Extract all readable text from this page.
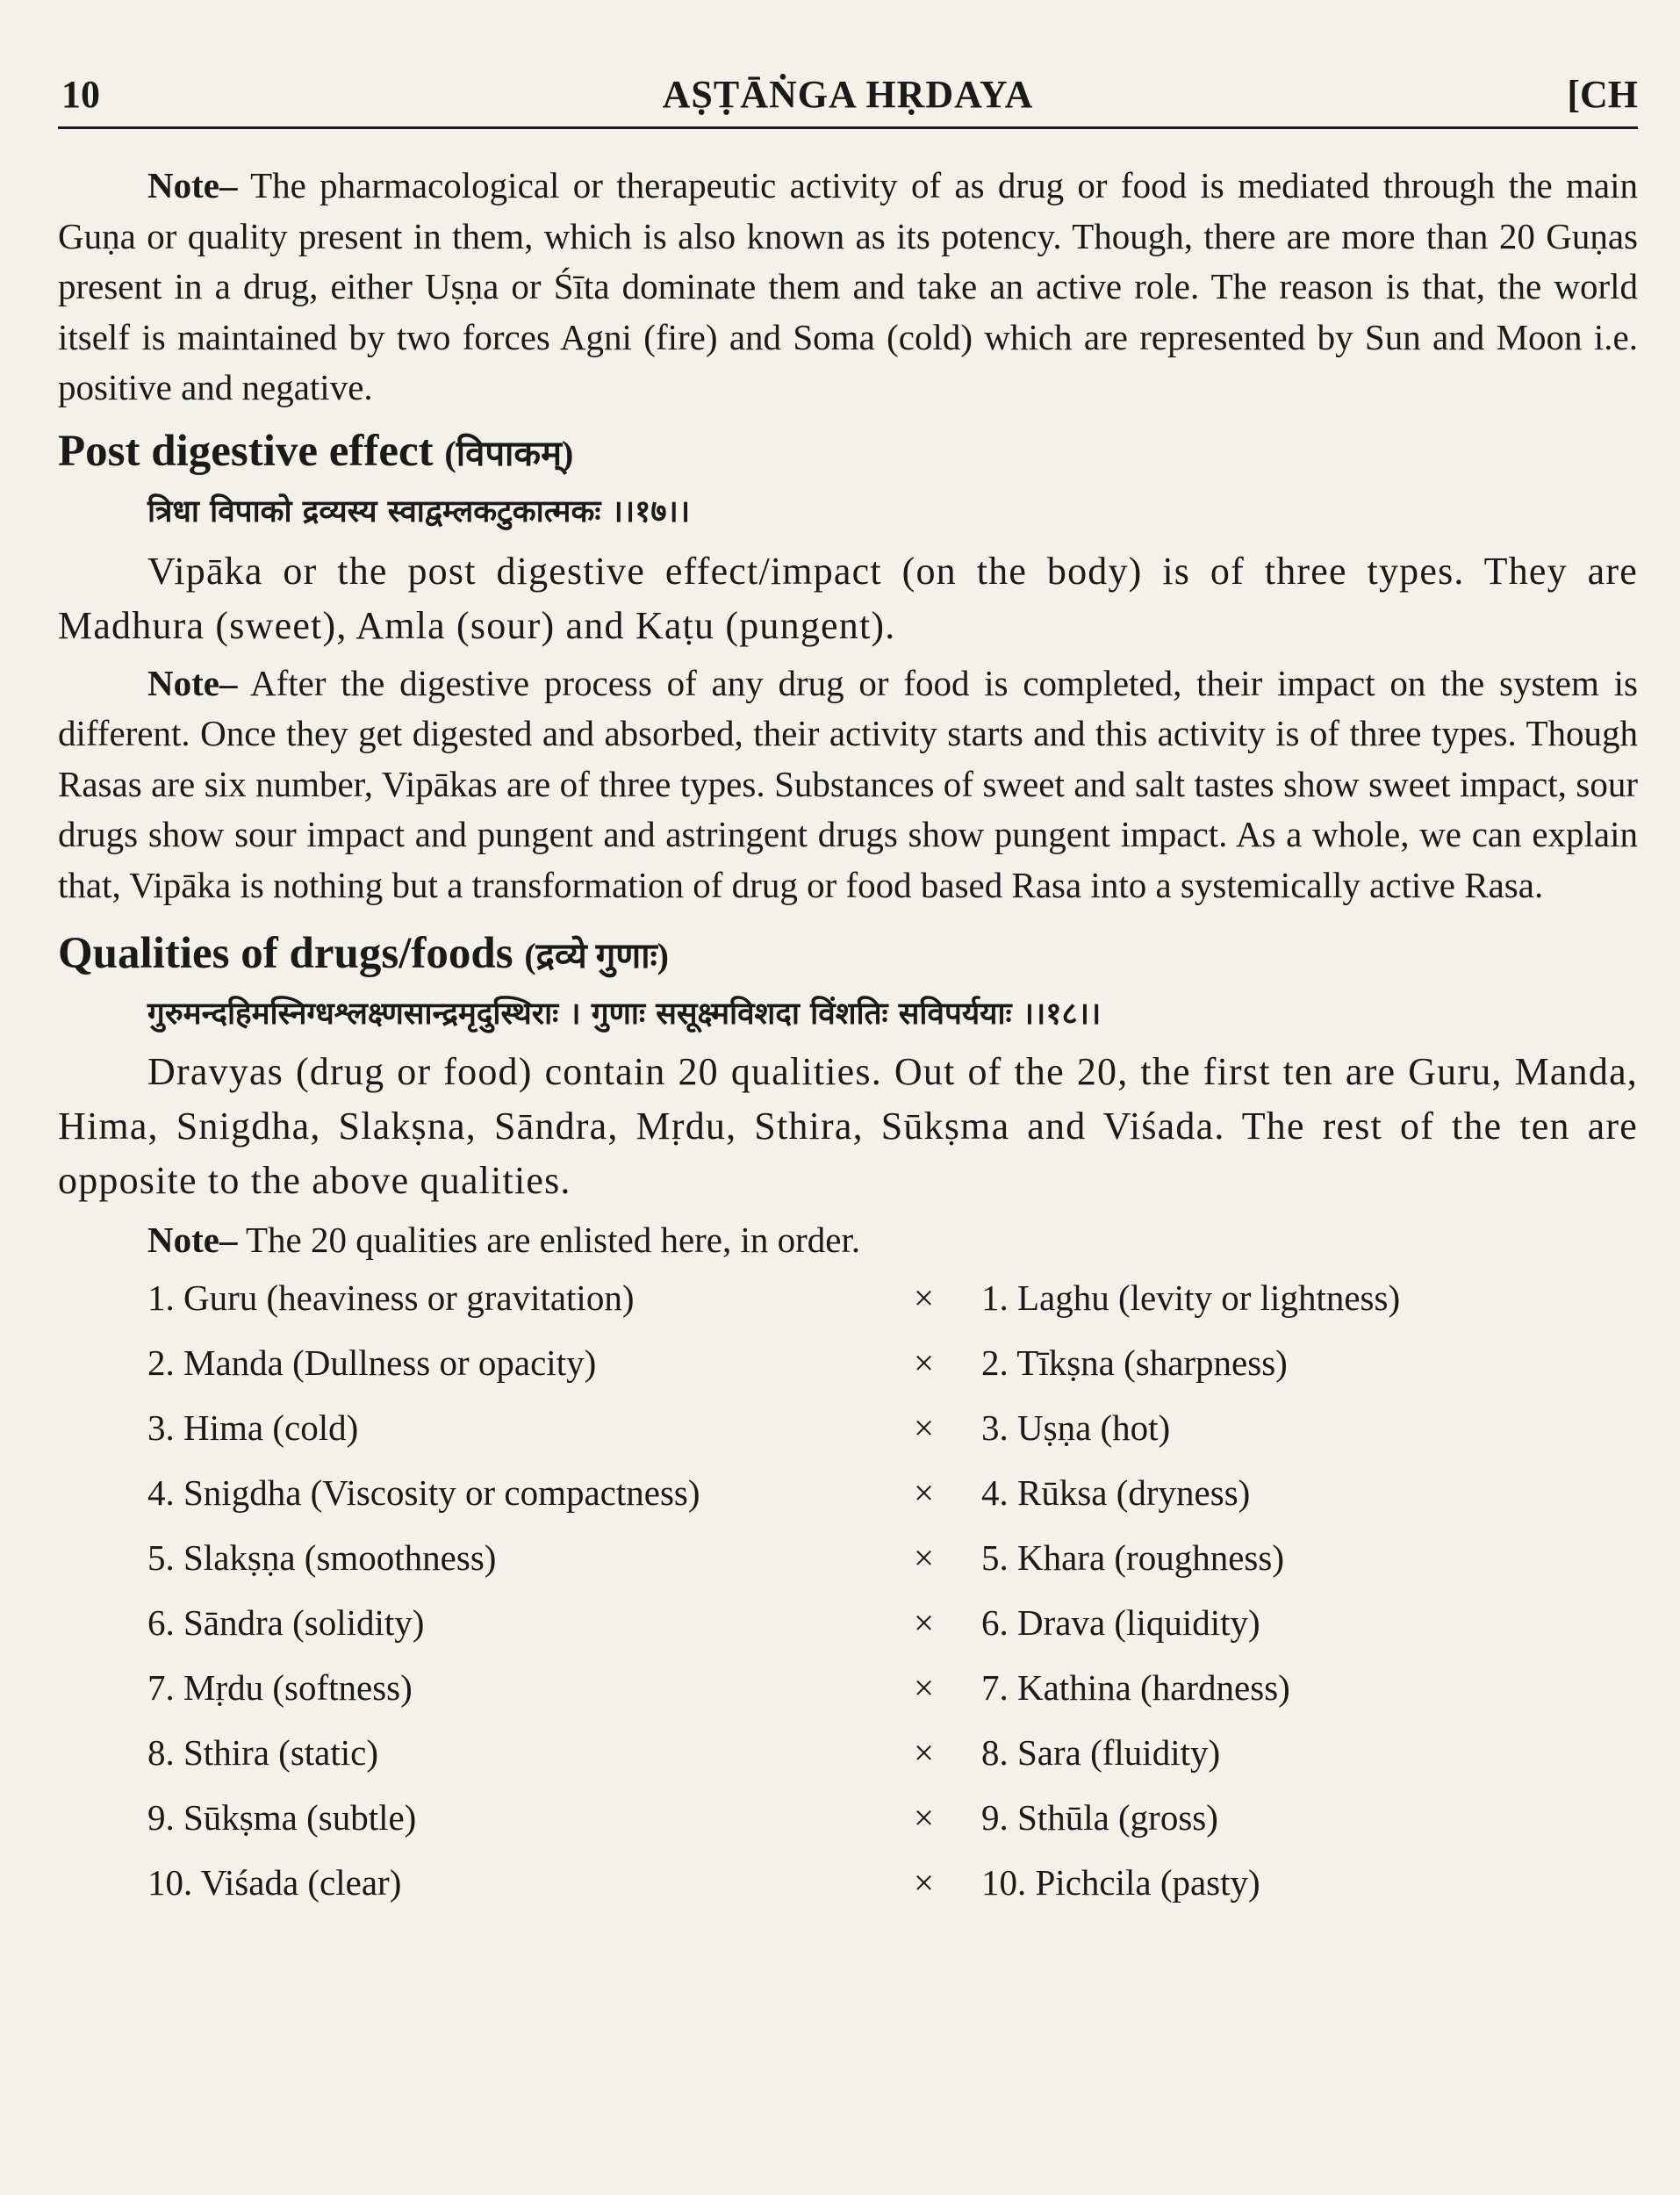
10	AṢṬĀṄGA HṚDAYA	[CH

Note– The pharmacological or therapeutic activity of as drug or food is mediated through the main Guṇa or quality present in them, which is also known as its potency. Though, there are more than 20 Guṇas present in a drug, either Uṣṇa or Śīta dominate them and take an active role. The reason is that, the world itself is maintained by two forces Agni (fire) and Soma (cold) which are represented by Sun and Moon i.e. positive and negative.

Post digestive effect (विपाकम्)

त्रिधा विपाको द्रव्यस्य स्वाद्वम्लकटुकात्मकः ।।१७।।

Vipāka or the post digestive effect/impact (on the body) is of three types. They are Madhura (sweet), Amla (sour) and Kaṭu (pungent).

Note– After the digestive process of any drug or food is completed, their impact on the system is different. Once they get digested and absorbed, their activity starts and this activity is of three types. Though Rasas are six number, Vipākas are of three types. Substances of sweet and salt tastes show sweet impact, sour drugs show sour impact and pungent and astringent drugs show pungent impact. As a whole, we can explain that, Vipāka is nothing but a transformation of drug or food based Rasa into a systemically active Rasa.

Qualities of drugs/foods (द्रव्ये गुणाः)

गुरुमन्दहिमस्निग्धश्लक्ष्णसान्द्रमृदुस्थिराः । गुणाः ससूक्ष्मविशदा विंशतिः सविपर्ययाः ।।१८।।

Dravyas (drug or food) contain 20 qualities. Out of the 20, the first ten are Guru, Manda, Hima, Snigdha, Slakṣna, Sāndra, Mṛdu, Sthira, Sūkṣma and Viśada. The rest of the ten are opposite to the above qualities.

Note– The 20 qualities are enlisted here, in order.

1. Guru (heaviness or gravitation)	× 1. Laghu (levity or lightness)
2. Manda (Dullness or opacity)	× 2. Tīkṣna (sharpness)
3. Hima (cold)	× 3. Uṣṇa (hot)
4. Snigdha (Viscosity or compactness)	× 4. Rūksa (dryness)
5. Slakṣṇa (smoothness)	× 5. Khara (roughness)
6. Sāndra (solidity)	× 6. Drava (liquidity)
7. Mṛdu (softness)	× 7. Kathina (hardness)
8. Sthira (static)	× 8. Sara (fluidity)
9. Sūkṣma (subtle)	× 9. Sthūla (gross)
10. Viśada (clear)	× 10. Pichcila (pasty)
